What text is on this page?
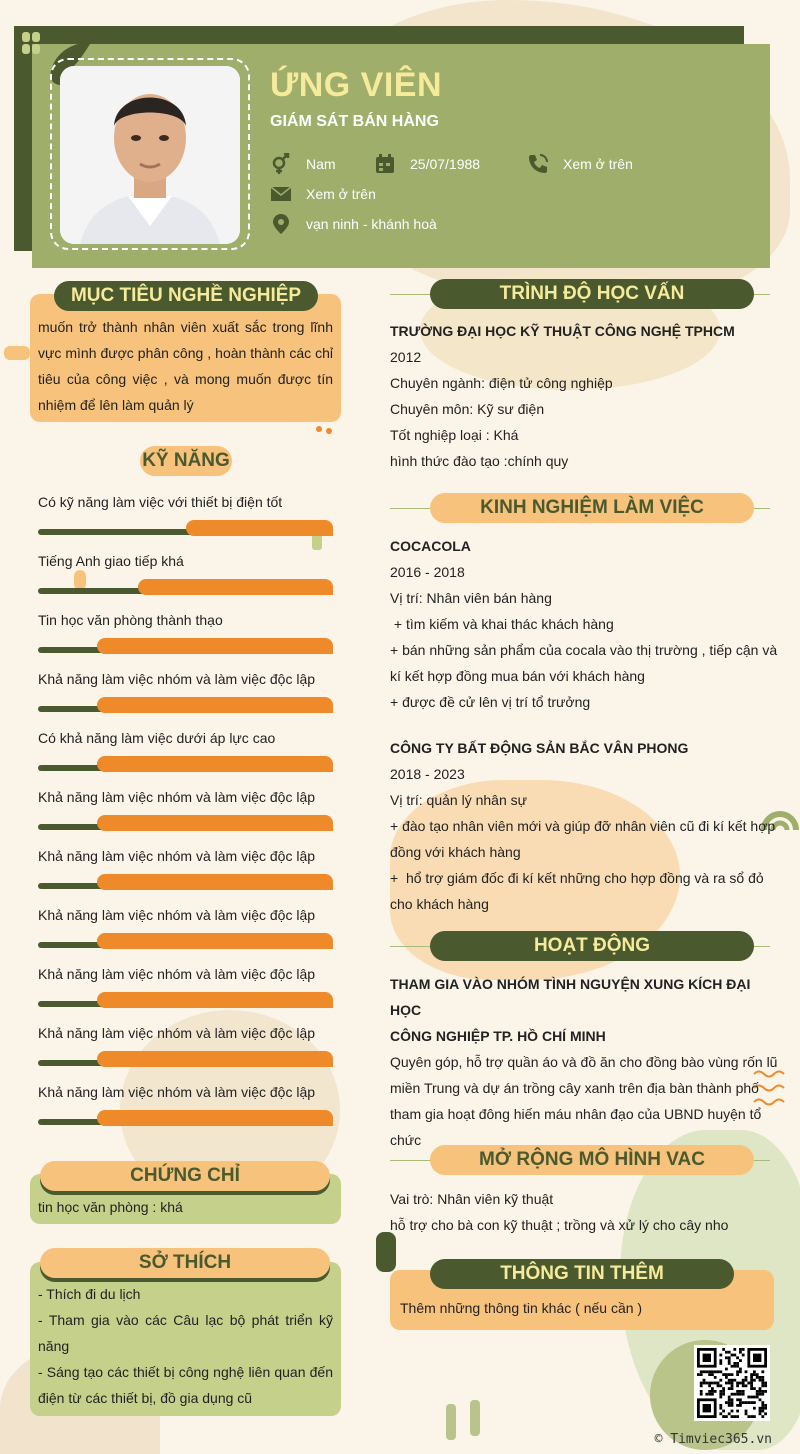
ỨNG VIÊN
GIÁM SÁT BÁN HÀNG
Nam	25/07/1988	Xem ở trên
Xem ở trên
vạn ninh - khánh hoà
MỤC TIÊU NGHỀ NGHIỆP
muốn trở thành nhân viên xuất sắc trong lĩnh
vực mình được phân công , hoàn thành các chỉ
tiêu của công việc , và mong muốn được tín
nhiệm để lên làm quản lý
KỸ NĂNG
Có kỹ năng làm việc với thiết bị điện tốt
Tiếng Anh giao tiếp khá
Tin học văn phòng thành thạo
Khả năng làm việc nhóm và làm việc độc lập
Có khả năng làm việc dưới áp lực cao
Khả năng làm việc nhóm và làm việc độc lập
Khả năng làm việc nhóm và làm việc độc lập
Khả năng làm việc nhóm và làm việc độc lập
Khả năng làm việc nhóm và làm việc độc lập
Khả năng làm việc nhóm và làm việc độc lập
Khả năng làm việc nhóm và làm việc độc lập
CHỨNG CHỈ
tin học văn phòng : khá
SỞ THÍCH
- Thích đi du lịch
- Tham gia vào các Câu lạc bộ phát triển kỹ
năng
- Sáng tạo các thiết bị công nghệ liên quan đến
điện từ các thiết bị, đồ gia dụng cũ
TRÌNH ĐỘ HỌC VẤN
TRƯỜNG ĐẠI HỌC KỸ THUẬT CÔNG NGHỆ TPHCM
2012
Chuyên ngành: điện tử công nghiệp
Chuyên môn: Kỹ sư điện
Tốt nghiệp loại : Khá
hình thức đào tạo :chính quy
KINH NGHIỆM LÀM VIỆC
COCACOLA
2016 - 2018
Vị trí: Nhân viên bán hàng
+ tìm kiếm và khai thác khách hàng
+ bán những sản phẩm của cocala vào thị trường , tiếp cận và
kí kết hợp đồng mua bán với khách hàng
+ được đề cử lên vị trí tổ trưởng
CÔNG TY BẤT ĐỘNG SẢN BẮC VÂN PHONG
2018 - 2023
Vị trí: quản lý nhân sự
+ đào tạo nhân viên mới và giúp đỡ nhân viên cũ đi kí kết hợp
đồng với khách hàng
+  hổ trợ giám đốc đi kí kết những cho hợp đồng và ra sổ đỏ
cho khách hàng
HOẠT ĐỘNG
THAM GIA VÀO NHÓM TÌNH NGUYỆN XUNG KÍCH ĐẠI HỌC
CÔNG NGHIỆP TP. HỒ CHÍ MINH
Quyên góp, hỗ trợ quần áo và đồ ăn cho đồng bào vùng rốn lũ
miền Trung và dự án trồng cây xanh trên địa bàn thành phố
tham gia hoạt đông hiến máu nhân đạo của UBND huyện tổ
chức
MỞ RỘNG MÔ HÌNH VAC
Vai trò: Nhân viên kỹ thuật
hỗ trợ cho bà con kỹ thuật ; trồng và xử lý cho cây nho
THÔNG TIN THÊM
Thêm những thông tin khác ( nếu cần )
© Timviec365.vn
